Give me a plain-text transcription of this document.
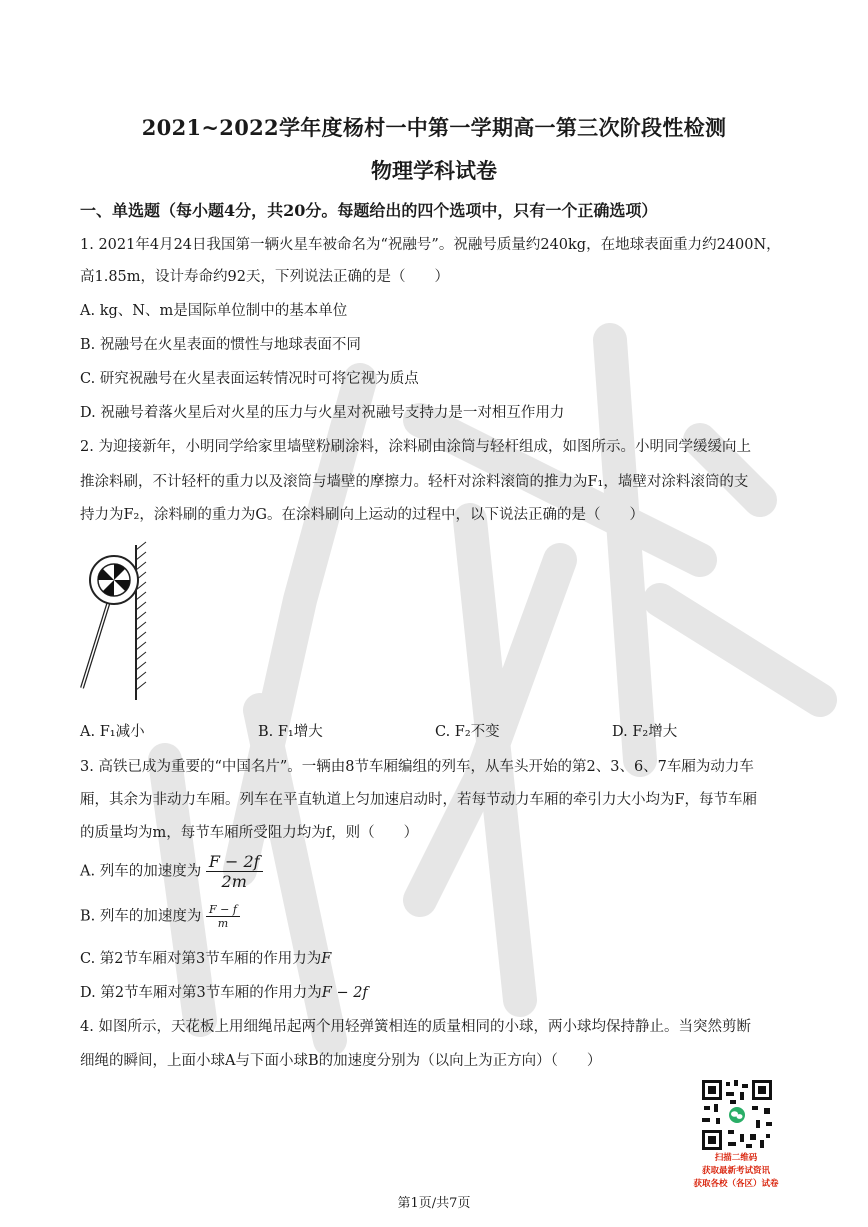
2021~2022学年度杨村一中第一学期高一第三次阶段性检测
物理学科试卷
一、单选题（每小题4分，共20分。每题给出的四个选项中，只有一个正确选项）
1. 2021年4月24日我国第一辆火星车被命名为“祝融号”。祝融号质量约240kg，在地球表面重力约2400N，
高1.85m，设计寿命约92天，下列说法正确的是（　　）
A. kg、N、m是国际单位制中的基本单位
B. 祝融号在火星表面的惯性与地球表面不同
C. 研究祝融号在火星表面运转情况时可将它视为质点
D. 祝融号着落火星后对火星的压力与火星对祝融号支持力是一对相互作用力
2. 为迎接新年，小明同学给家里墙壁粉刷涂料，涂料刷由涂筒与轻杆组成，如图所示。小明同学缓缓向上
推涂料刷，不计轻杆的重力以及滚筒与墙壁的摩擦力。轻杆对涂料滚筒的推力为F₁，墙壁对涂料滚筒的支
持力为F₂，涂料刷的重力为G。在涂料刷向上运动的过程中，以下说法正确的是（　　）
A. F₁减小	B. F₁增大	C. F₂不变	D. F₂增大
3. 高铁已成为重要的“中国名片”。一辆由8节车厢编组的列车，从车头开始的第2、3、6、7车厢为动力车
厢，其余为非动力车厢。列车在平直轨道上匀加速启动时，若每节动力车厢的牵引力大小均为F，每节车厢
的质量均为m，每节车厢所受阻力均为f，则（　　）
A. 列车的加速度为 $\frac{F - 2f}{2m}$
B. 列车的加速度为 $\frac{F - f}{m}$
C. 第2节车厢对第3节车厢的作用力为F
D. 第2节车厢对第3节车厢的作用力为F − 2f
4. 如图所示，天花板上用细绳吊起两个用轻弹簧相连的质量相同的小球，两小球均保持静止。当突然剪断
细绳的瞬间，上面小球A与下面小球B的加速度分别为（以向上为正方向）（　　）
扫描二维码
获取最新考试资讯
获取各校（各区）试卷
第1页/共7页
